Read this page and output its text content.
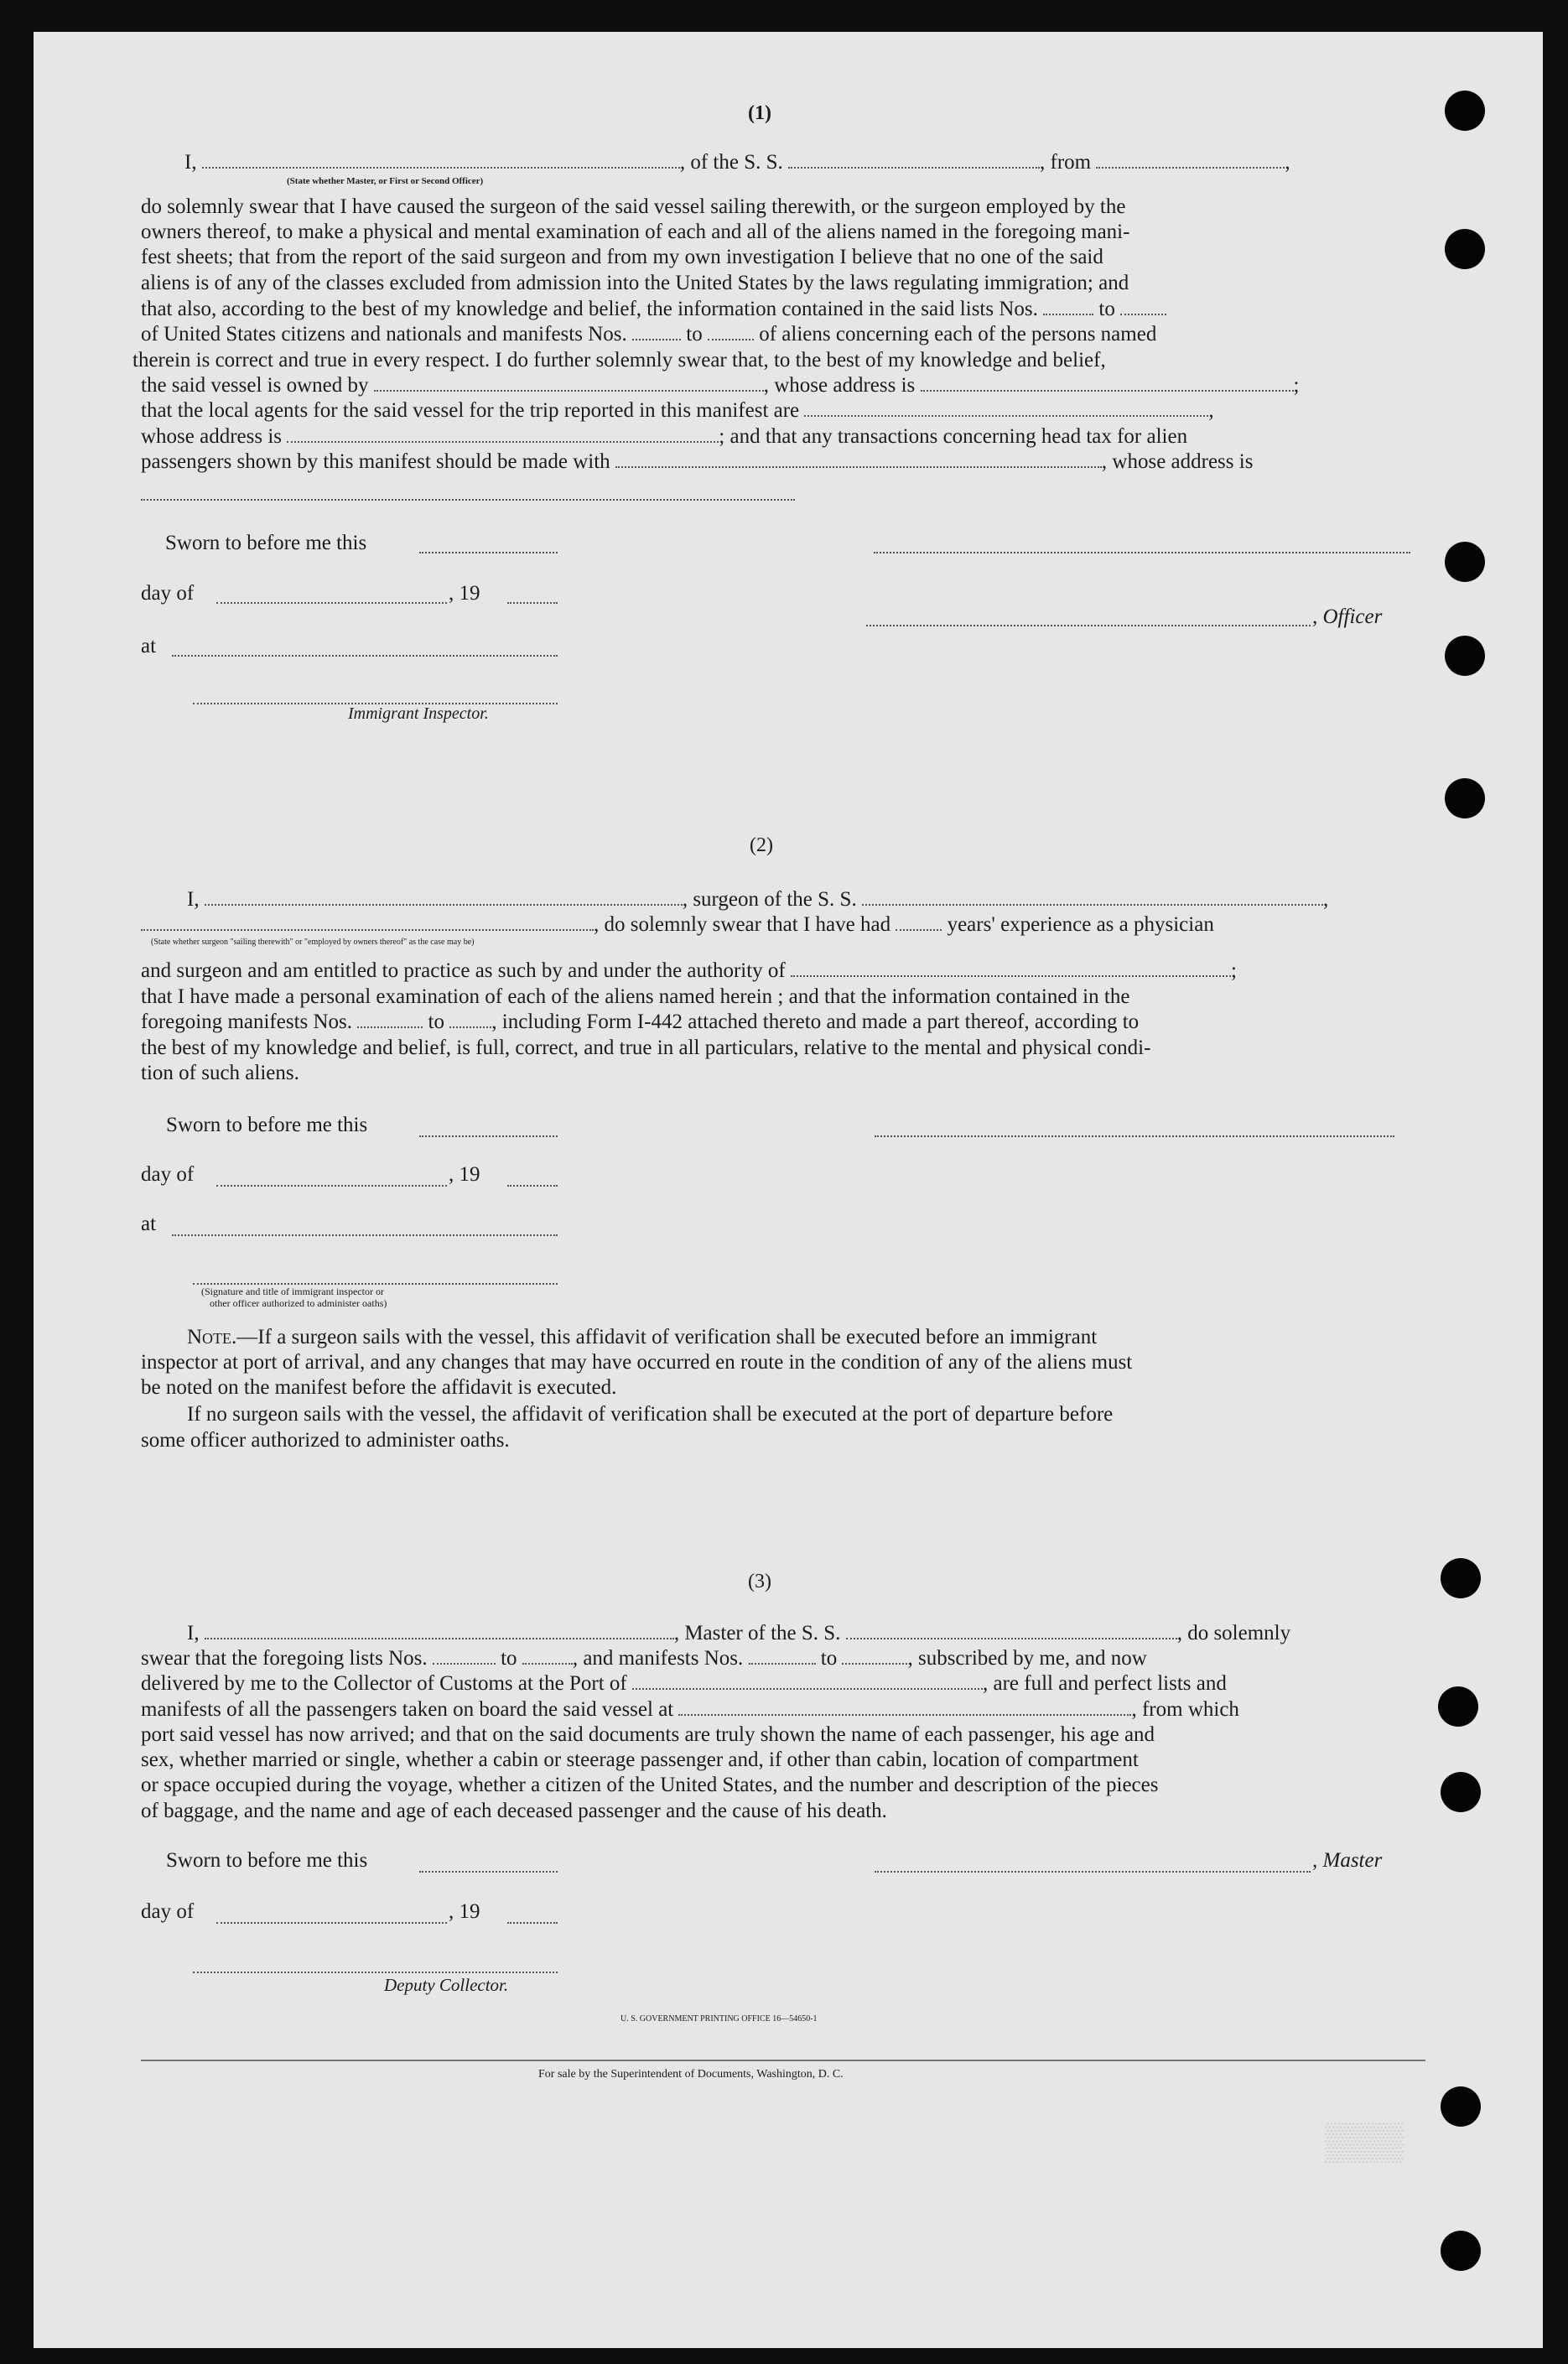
▒▒▒
(1)
I,	, of the S. S.	, from	,
(State whether Master, or First or Second Officer)
do solemnly swear that I have caused the surgeon of the said vessel sailing therewith, or the surgeon employed by the
owners thereof, to make a physical and mental examination of each and all of the aliens named in the foregoing mani-
fest sheets; that from the report of the said surgeon and from my own investigation I believe that no one of the said
aliens is of any of the classes excluded from admission into the United States by the laws regulating immigration; and
that also, according to the best of my knowledge and belief, the information contained in the said lists Nos.	to
of United States citizens and nationals and manifests Nos.	to	of aliens concerning each of the persons named
therein is correct and true in every respect. I do further solemnly swear that, to the best of my knowledge and belief,
the said vessel is owned by	, whose address is	;
that the local agents for the said vessel for the trip reported in this manifest are	,
whose address is	; and that any transactions concerning head tax for alien
passengers shown by this manifest should be made with	, whose address is
Sworn to before me this
day of	, 19
, Officer
at
Immigrant Inspector.
(2)
I,	, surgeon of the S. S.	,
, do solemnly swear that I have had	years' experience as a physician
(State whether surgeon "sailing therewith" or "employed by owners thereof" as the case may be)
and surgeon and am entitled to practice as such by and under the authority of	;
that I have made a personal examination of each of the aliens named herein ; and that the information contained in the
foregoing manifests Nos.	to , including Form I-442 attached thereto and made a part thereof, according to
the best of my knowledge and belief, is full, correct, and true in all particulars, relative to the mental and physical condi-
tion of such aliens.
Sworn to before me this
day of	, 19
at
(Signature and title of immigrant inspector or
other officer authorized to administer oaths)
Note.—If a surgeon sails with the vessel, this affidavit of verification shall be executed before an immigrant
inspector at port of arrival, and any changes that may have occurred en route in the condition of any of the aliens must
be noted on the manifest before the affidavit is executed.
If no surgeon sails with the vessel, the affidavit of verification shall be executed at the port of departure before
some officer authorized to administer oaths.
(3)
I,	, Master of the S. S.	, do solemnly
swear that the foregoing lists Nos.	to	, and manifests Nos.	to	, subscribed by me, and now
delivered by me to the Collector of Customs at the Port of	, are full and perfect lists and
manifests of all the passengers taken on board the said vessel at	, from which
port said vessel has now arrived; and that on the said documents are truly shown the name of each passenger, his age and
sex, whether married or single, whether a cabin or steerage passenger and, if other than cabin, location of compartment
or space occupied during the voyage, whether a citizen of the United States, and the number and description of the pieces
of baggage, and the name and age of each deceased passenger and the cause of his death.
Sworn to before me this	, Master
day of	, 19
Deputy Collector.
U. S. GOVERNMENT PRINTING OFFICE 16—54650-1
For sale by the Superintendent of Documents, Washington, D. C.
